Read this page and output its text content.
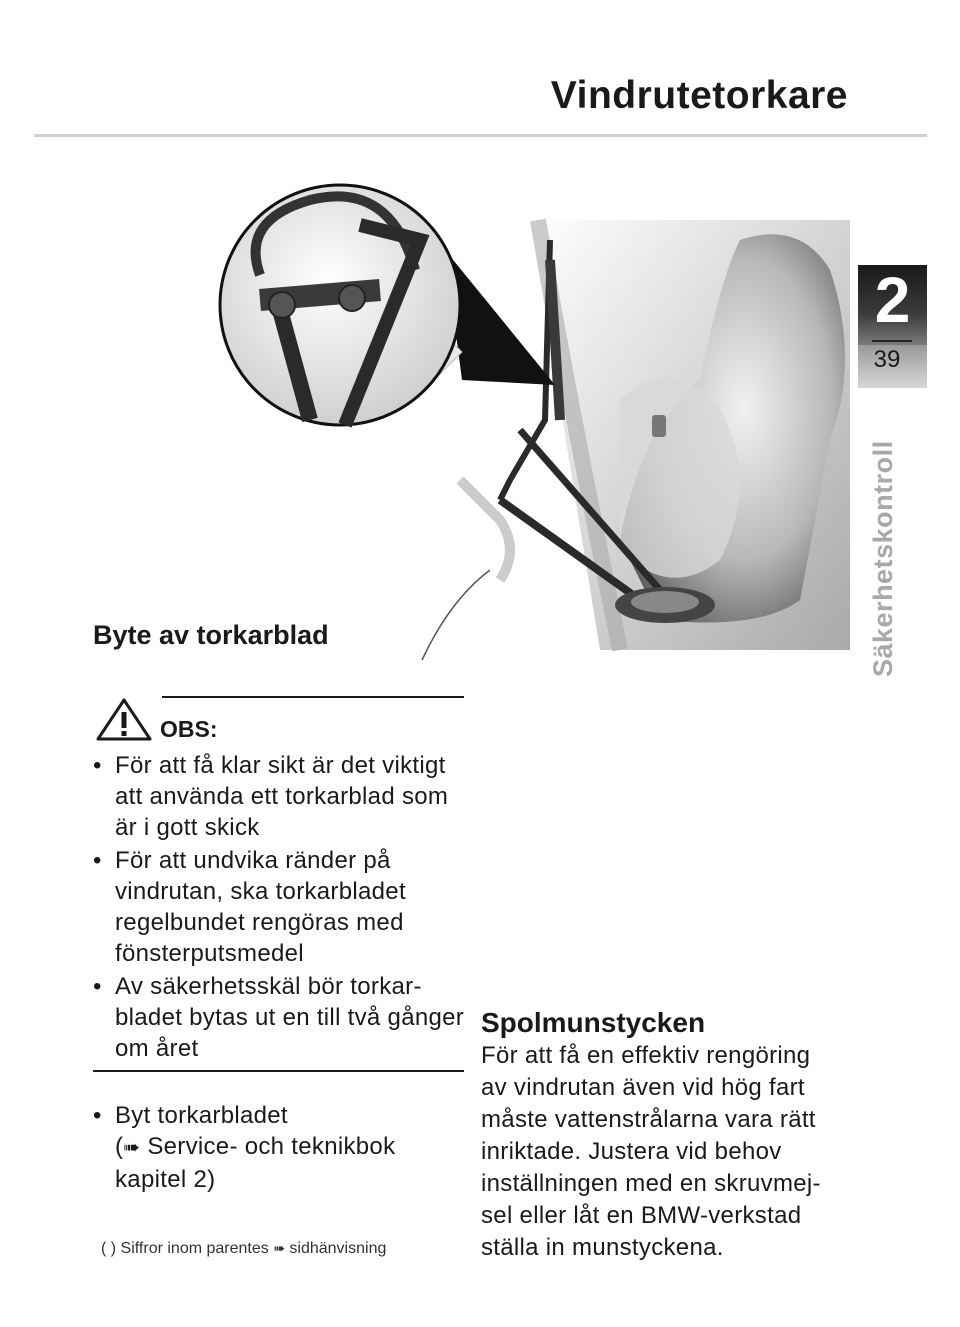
Vindrutetorkare
2
39
Säkerhetskontroll
Byte av torkarblad
OBS:
• För att få klar sikt är det viktigt att använda ett torkarblad som är i gott skick
• För att undvika ränder på vindrutan, ska torkarbladet regelbundet rengöras med fönsterputsmedel
• Av säkerhetsskäl bör torkar-bladet bytas ut en till två gånger om året
• Byt torkarbladet
(➠ Service- och teknikbok kapitel 2)
( ) Siffror inom parentes ➠ sidhänvisning
Spolmunstycken

För att få en effektiv rengöring
av vindrutan även vid hög fart
måste vattenstrålarna vara rätt
inriktade. Justera vid behov
inställningen med en skruvmej-
sel eller låt en BMW-verkstad
ställa in munstyckena.
